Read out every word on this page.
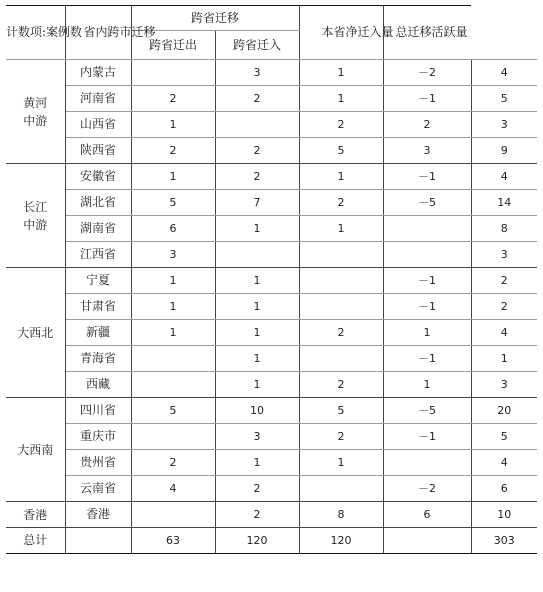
计数项:案例数	省内跨市迁移	跨省迁移		本省净迁入量	总迁移活跃量	
		跨省迁出	跨省迁入			
黄河中游	内蒙古		3	1	－2	4
	河南省	2	2	1	－1	5
	山西省	1		2	2	3
	陕西省	2	2	5	3	9
长江中游	安徽省	1	2	1	－1	4
	湖北省	5	7	2	－5	14
	湖南省	6	1	1		8
	江西省	3				3
大西北	宁夏	1	1		－1	2
	甘肃省	1	1		－1	2
	新疆	1	1	2	1	4
	青海省		1		－1	1
	西藏		1	2	1	3
大西南	四川省	5	10	5	－5	20
	重庆市		3	2	－1	5
	贵州省	2	1	1		4
	云南省	4	2		－2	6
香港	香港		2	8	6	10
总计		63	120	120		303
